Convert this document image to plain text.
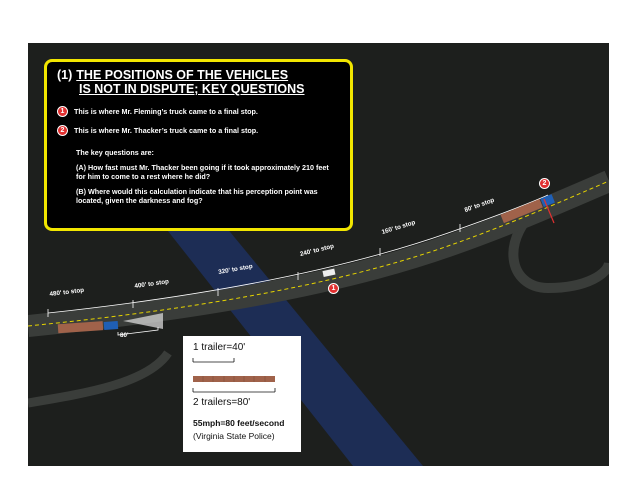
480' to stop
400' to stop
320' to stop
240' to stop
160' to stop
80' to stop
80'
1
2
(1) THE POSITIONS OF THE VEHICLES
IS NOT IN DISPUTE; KEY QUESTIONS
1	This is where Mr. Fleming’s truck came to a final stop.
2	This is where Mr. Thacker’s truck came to a final stop.
The key questions are:
(A) How fast must Mr. Thacker been going if it took approximately 210 feet for him to come to a rest where he did?
(B) Where would this calculation indicate that his perception point was located, given the darkness and fog?
1 trailer=40'
2 trailers=80'
55mph=80 feet/second
(Virginia State Police)
